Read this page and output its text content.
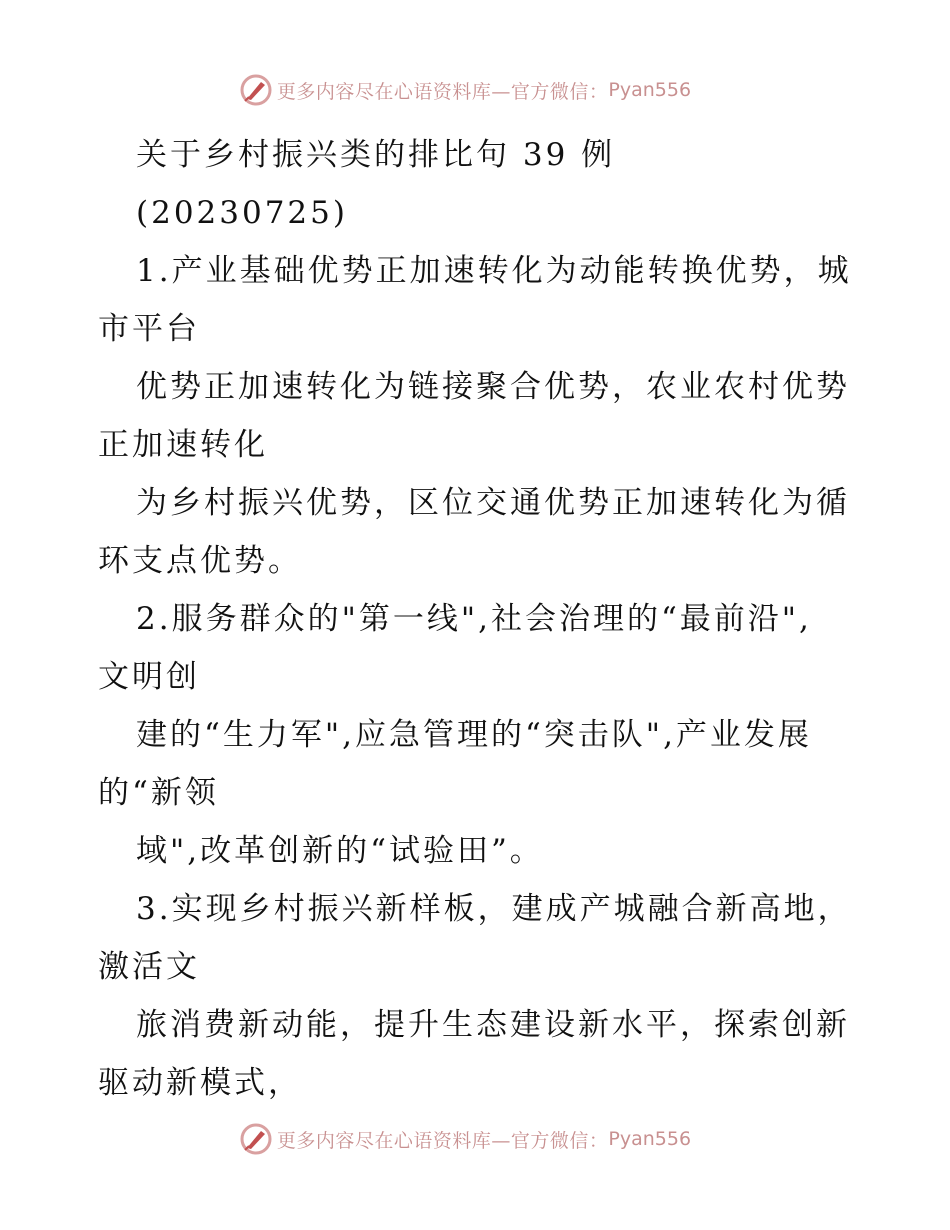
更多内容尽在心语资料库—官方微信： Pyan556
关于乡村振兴类的排比句 39 例
(20230725)
1.产业基础优势正加速转化为动能转换优势，城
市平台
优势正加速转化为链接聚合优势，农业农村优势
正加速转化
为乡村振兴优势，区位交通优势正加速转化为循
环支点优势。
2.服务群众的"第一线",社会治理的“最前沿",
文明创
建的“生力军",应急管理的“突击队",产业发展
的“新领
域",改革创新的“试验田”。
3.实现乡村振兴新样板，建成产城融合新高地，
激活文
旅消费新动能，提升生态建设新水平，探索创新
驱动新模式，
更多内容尽在心语资料库—官方微信： Pyan556
